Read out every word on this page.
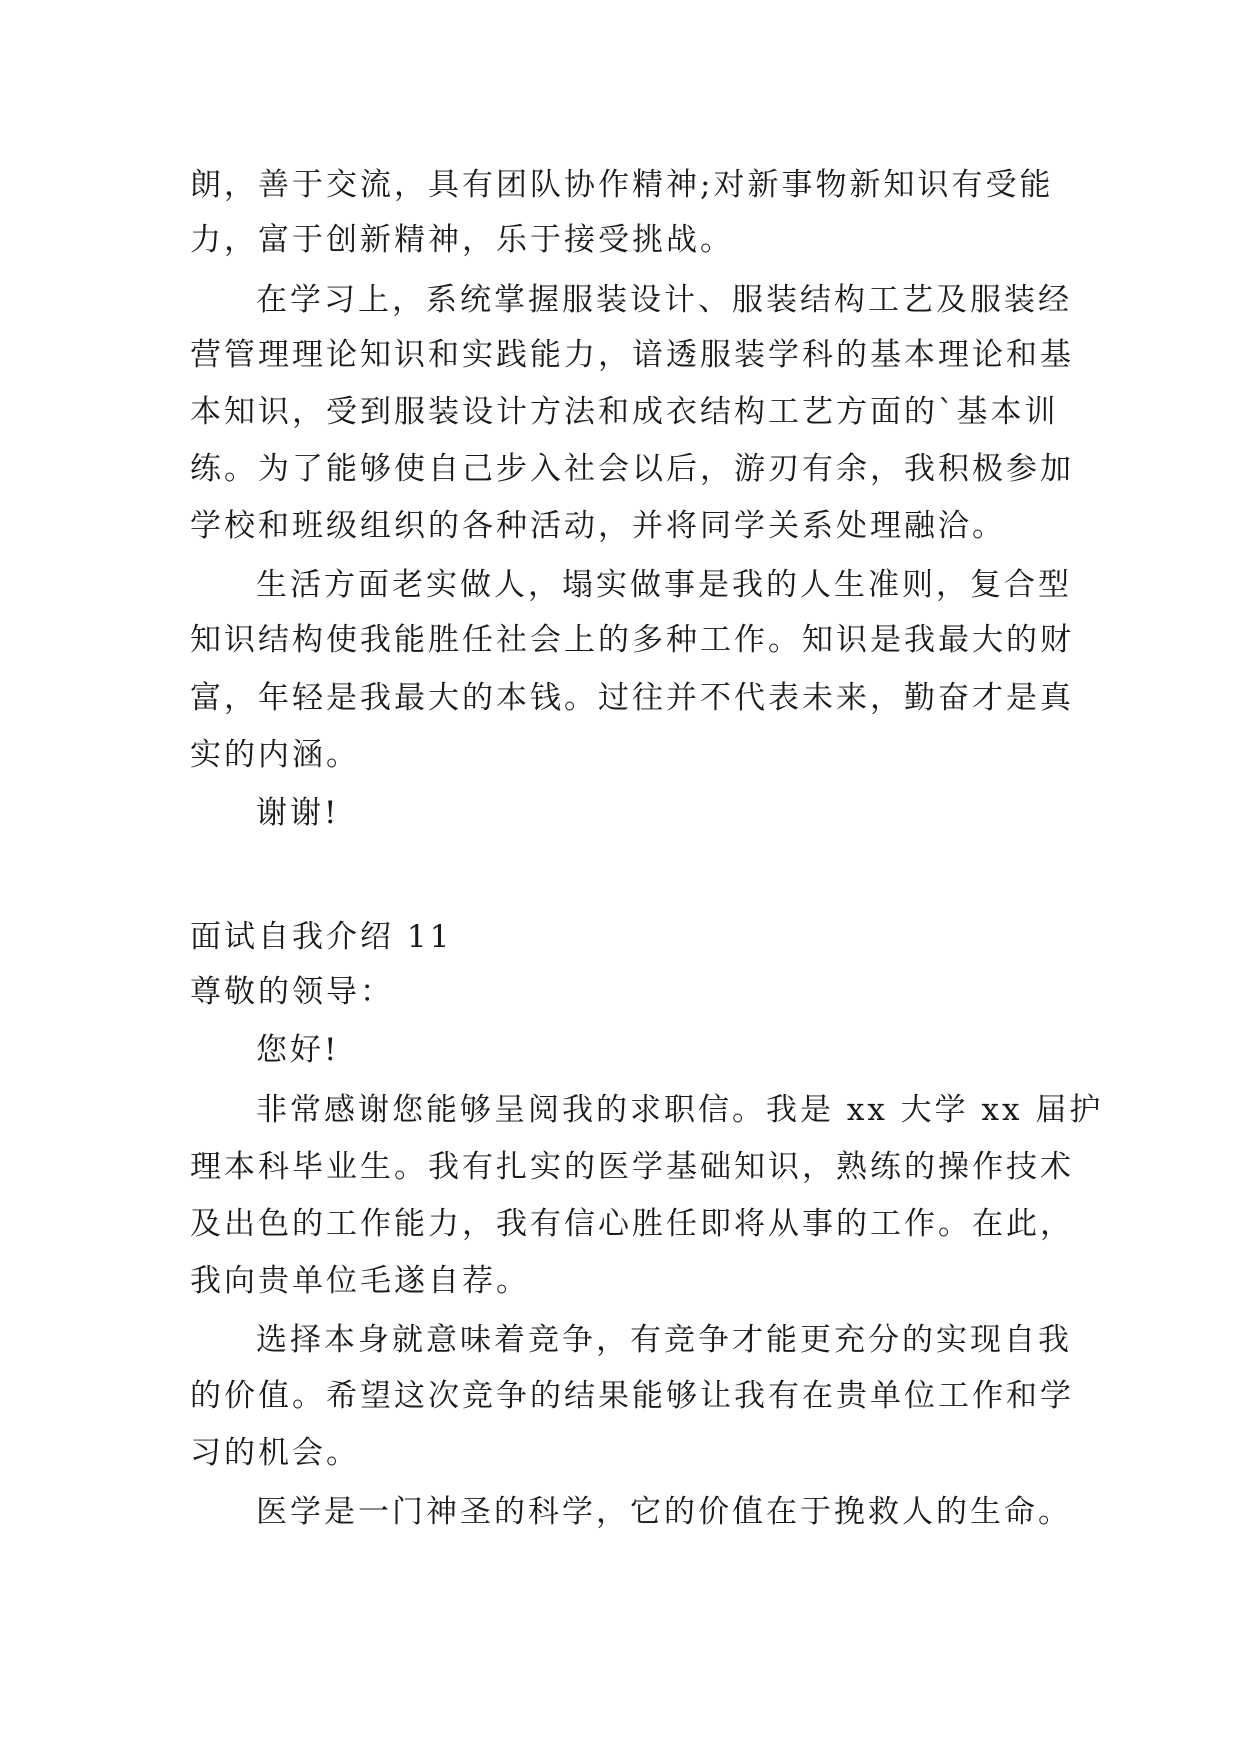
朗，善于交流，具有团队协作精神;对新事物新知识有受能
力，富于创新精神，乐于接受挑战。
在学习上，系统掌握服装设计、服装结构工艺及服装经
营管理理论知识和实践能力，谙透服装学科的基本理论和基
本知识，受到服装设计方法和成衣结构工艺方面的`基本训
练。为了能够使自己步入社会以后，游刃有余，我积极参加
学校和班级组织的各种活动，并将同学关系处理融洽。
生活方面老实做人，塌实做事是我的人生准则，复合型
知识结构使我能胜任社会上的多种工作。知识是我最大的财
富，年轻是我最大的本钱。过往并不代表未来，勤奋才是真
实的内涵。
谢谢!
面试自我介绍 11
尊敬的领导：
您好!
非常感谢您能够呈阅我的求职信。我是 xx 大学 xx 届护
理本科毕业生。我有扎实的医学基础知识，熟练的操作技术
及出色的工作能力，我有信心胜任即将从事的工作。在此，
我向贵单位毛遂自荐。
选择本身就意味着竞争，有竞争才能更充分的实现自我
的价值。希望这次竞争的结果能够让我有在贵单位工作和学
习的机会。
医学是一门神圣的科学，它的价值在于挽救人的生命。
